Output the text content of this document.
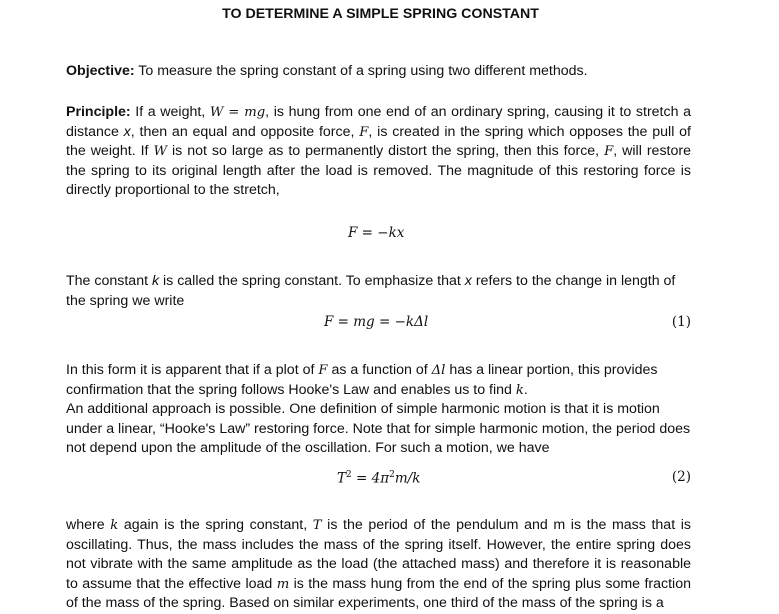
TO DETERMINE A SIMPLE SPRING CONSTANT
Objective: To measure the spring constant of a spring using two different methods.
Principle: If a weight, W = mg, is hung from one end of an ordinary spring, causing it to stretch a distance x, then an equal and opposite force, F, is created in the spring which opposes the pull of the weight. If W is not so large as to permanently distort the spring, then this force, F, will restore the spring to its original length after the load is removed. The magnitude of this restoring force is directly proportional to the stretch,
F = −kx
The constant k is called the spring constant. To emphasize that x refers to the change in length of the spring we write
F = mg = −kΔl	(1)
In this form it is apparent that if a plot of F as a function of Δl has a linear portion, this provides confirmation that the spring follows Hooke's Law and enables us to find k.
An additional approach is possible. One definition of simple harmonic motion is that it is motion under a linear, “Hooke's Law” restoring force. Note that for simple harmonic motion, the period does not depend upon the amplitude of the oscillation. For such a motion, we have
$T^2 = 4\pi^2m/k$	(2)
where k again is the spring constant, T is the period of the pendulum and m is the mass that is oscillating. Thus, the mass includes the mass of the spring itself. However, the entire spring does not vibrate with the same amplitude as the load (the attached mass) and therefore it is reasonable to assume that the effective load m is the mass hung from the end of the spring plus some fraction of the mass of the spring. Based on similar experiments, one third of the mass of the spring is a
